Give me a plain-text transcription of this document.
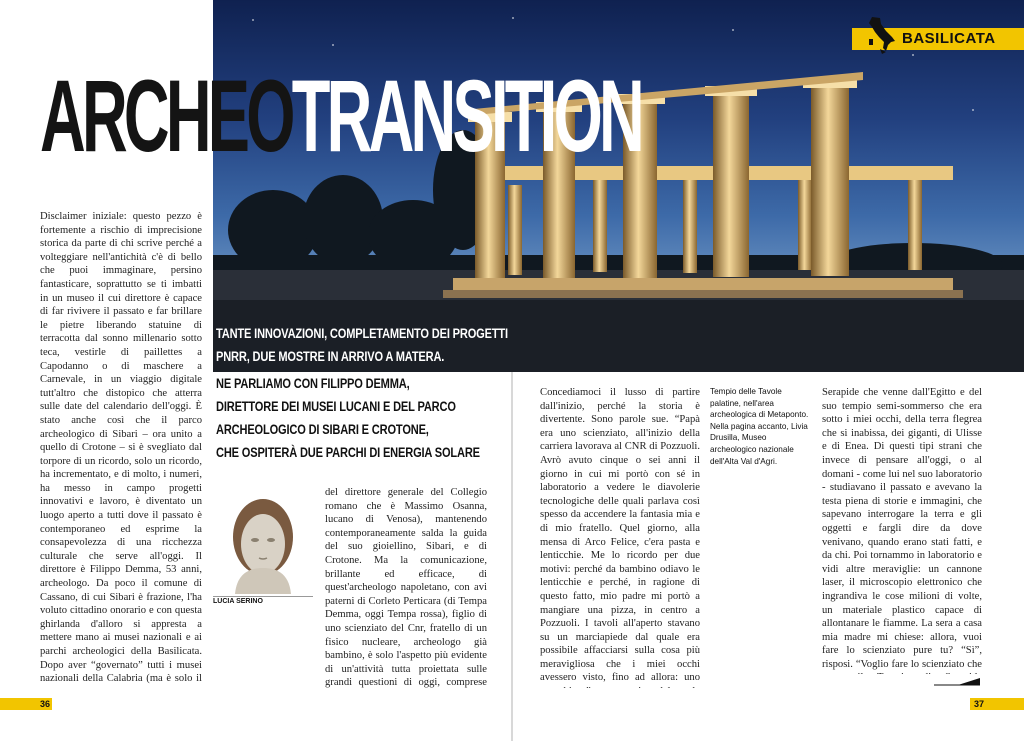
ARCHEOTRANSITION
BASILICATA
TANTE INNOVAZIONI, COMPLETAMENTO DEI PROGETTI
PNRR, DUE MOSTRE IN ARRIVO A MATERA.
NE PARLIAMO CON FILIPPO DEMMA,
DIRETTORE DEI MUSEI LUCANI E DEL PARCO
ARCHEOLOGICO DI SIBARI E CROTONE,
CHE OSPITERÀ DUE PARCHI DI ENERGIA SOLARE

Disclaimer iniziale: questo pezzo è fortemente a rischio di imprecisione storica da parte di chi scrive perché a volteggiare nell'antichità c'è di bello che puoi immaginare, persino fantasticare, soprattutto se ti imbatti in un museo il cui direttore è capace di far rivivere il passato e far brillare le pietre liberando statuine di terracotta dal sonno millenario sotto teca, vestirle di paillettes a Capodanno o di maschere a Carnevale, in un viaggio digitale tutt'altro che distopico che atterra sulle date del calendario dell'oggi. È stato anche così che il parco archeologico di Sibari – ora unito a quello di Crotone – si è svegliato dal torpore di un ricordo, solo un ricordo, ha incrementato, e di molto, i numeri, ha messo in campo progetti innovativi e lavoro, è diventato un luogo aperto a tutti dove il passato è contemporaneo ed esprime la consapevolezza di una ricchezza culturale che serve all'oggi. Il direttore è Filippo Demma, 53 anni, archeologo. Da poco il comune di Cassano, di cui Sibari è frazione, l'ha voluto cittadino onorario e con questa ghirlanda d'alloro si appresta a mettere mano ai musei nazionali e ai parchi archeologici della Basilicata. Dopo aver “governato” tutti i musei nazionali della Calabria (ma è solo il

LUCIA SERINO

del direttore generale del Collegio romano che è Massimo Osanna, lucano di Venosa), mantenendo contemporaneamente salda la guida del suo gioiellino, Sibari, e di Crotone. Ma la comunicazione, brillante ed efficace, di quest'archeologo napoletano, con avi paterni di Corleto Perticara (di Tempa Demma, oggi Tempa rossa), figlio di uno scienziato del Cnr, fratello di un fisico nucleare, archeologo già bambino, è solo l'aspetto più evidente di un'attività tutta proiettata sulle grandi questioni di oggi, comprese

Concediamoci il lusso di partire dall'inizio, perché la storia è divertente. Sono parole sue. “Papà era uno scienziato, all'inizio della carriera lavorava al CNR di Pozzuoli. Avrò avuto cinque o sei anni il giorno in cui mi portò con sé in laboratorio a vedere le diavolerie tecnologiche delle quali parlava così spesso da accendere la fantasia mia e di mio fratello. Quel giorno, alla mensa di Arco Felice, c'era pasta e lenticchie. Me lo ricordo per due motivi: perché da bambino odiavo le lenticchie e perché, in ragione di questo fatto, mio padre mi portò a mangiare una pizza, in centro a Pozzuoli. I tavoli all'aperto stavano su un marciapiede dal quale era possibile affacciarsi sulla cosa più meravigliosa che i miei occhi avessero visto, fino ad allora: uno

Tempio delle Tavole palatine, nell'area archeologica di Metaponto. Nella pagina accanto, Livia Drusilla, Museo archeologico nazionale dell'Alta Val d'Agri.

Serapide che venne dall'Egitto e del suo tempio semi-sommerso che era sotto i miei occhi, della terra flegrea che si inabissa, dei giganti, di Ulisse e di Enea. Di questi tipi strani che invece di pensare all'oggi, o al domani - come lui nel suo laboratorio - studiavano il passato e avevano la testa piena di storie e immagini, che sapevano interrogare la terra e gli oggetti e fargli dire da dove venivano, quando erano stati fatti, e da chi. Poi tornammo in laboratorio e vidi altre meraviglie: un cannone laser, il microscopio elettronico che ingrandiva le cose milioni di volte, un materiale plastico capace di allontanare le fiamme. La sera a casa mia madre mi chiese: allora, vuoi fare lo scienziato pure tu? “Sì”, risposi. “Voglio fare lo scienziato che

36	37
